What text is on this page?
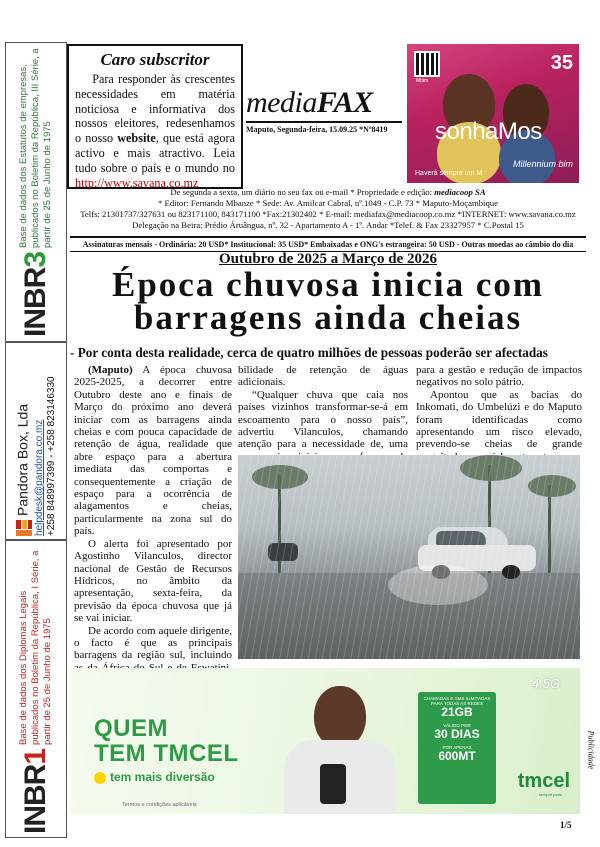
INBR3
Base de dados dos Estatutos de empresas, publicados no Boletim da República, III Série, a partir de 25 de Junho de 1975
Pandora Box, Lda helpdesk@pandora.co.mz +258 848997399 - +258 823146330
INBR1
Base de dados dos Diplomas Legais publicados no Boletim da República, I Série, a partir de 25 de Junho de 1975
Caro subscritor
Para responder às crescentes necessidades em matéria noticiosa e informativa dos nossos eleitores, redesenhamos o nosso website, que está agora activo e mais atractivo. Leia tudo sobre o país e o mundo no http://www.savana.co.mz
mediaFAX
Maputo, Segunda-feira, 15.09.25 *Nº8419
Mbim
35
sonhaMos
Millennium bim
Haverá sempre um M
De segunda a sexta, um diário no seu fax ou e-mail * Propriedade e edição: mediacoop SA
* Editor: Fernando Mbanze * Sede: Av. Amilcar Cabral, nº.1049 - C.P. 73 * Maputo-Moçambique
Telfs: 21301737/327631 ou 823171100, 843171100 *Fax:21302402 * E-mail: mediafax@mediacoop.co.mz *INTERNET: www.savana.co.mz
Delegação na Beira: Prédio Áruângua, nº. 32 - Apartamento A - 1º. Andar *Telef. & Fax 23327957 * C.Postal 15
Assinaturas mensais - Ordinária: 20 USD* Institucional: 35 USD* Embaixadas e ONG's estrangeira: 50 USD - Outras moedas ao câmbio do dia
Outubro de 2025 a Março de 2026
Época chuvosa inicia com
barragens ainda cheias
- Por conta desta realidade, cerca de quatro milhões de pessoas poderão ser afectadas

(Maputo) A época chuvosa 2025-2025, a decorrer entre Outubro deste ano e finais de Março do próximo ano deverá iniciar com as barragens ainda cheias e com pouca capacidade de retenção de água, realidade que abre espaço para a abertura imediata das comportas e consequentemente a criação de espaço para a ocorrência de alagamentos e cheias, particularmente na zona sul do país.

O alerta foi apresentado por Agostinho Vilanculos, director nacional de Gestão de Recursos Hídricos, no âmbito da apresentação, sexta-feira, da previsão da época chuvosa que já se vai iniciar.

De acordo com aquele dirigente, o facto é que as principais barragens da região sul, incluindo

bilidade de retenção de águas adicionais.

“Qualquer chuva que caia nos países vizinhos transformar-se-á em escoamento para o nosso país”, advertiu Vilanculos, chamando atenção para a necessidade de, uma

para a gestão e redução de impactos negativos no solo pátrio.

Apontou que as bacias do Inkomati, do Umbelúzi e do Maputo foram identificadas como apresentando um risco elevado, prevendo-se cheias de grande

QUEM
TEM TMCEL
tem mais diversão
CHAMADAS E SMS ILIMITADAS PARA TODAS AS REDES
21GB
VÁLIDO POR
30 DIAS
POR APENAS
600MT
4.5G
tmcel
sempre junto
Termos e condições aplicáveis
Publicidade
1/5
